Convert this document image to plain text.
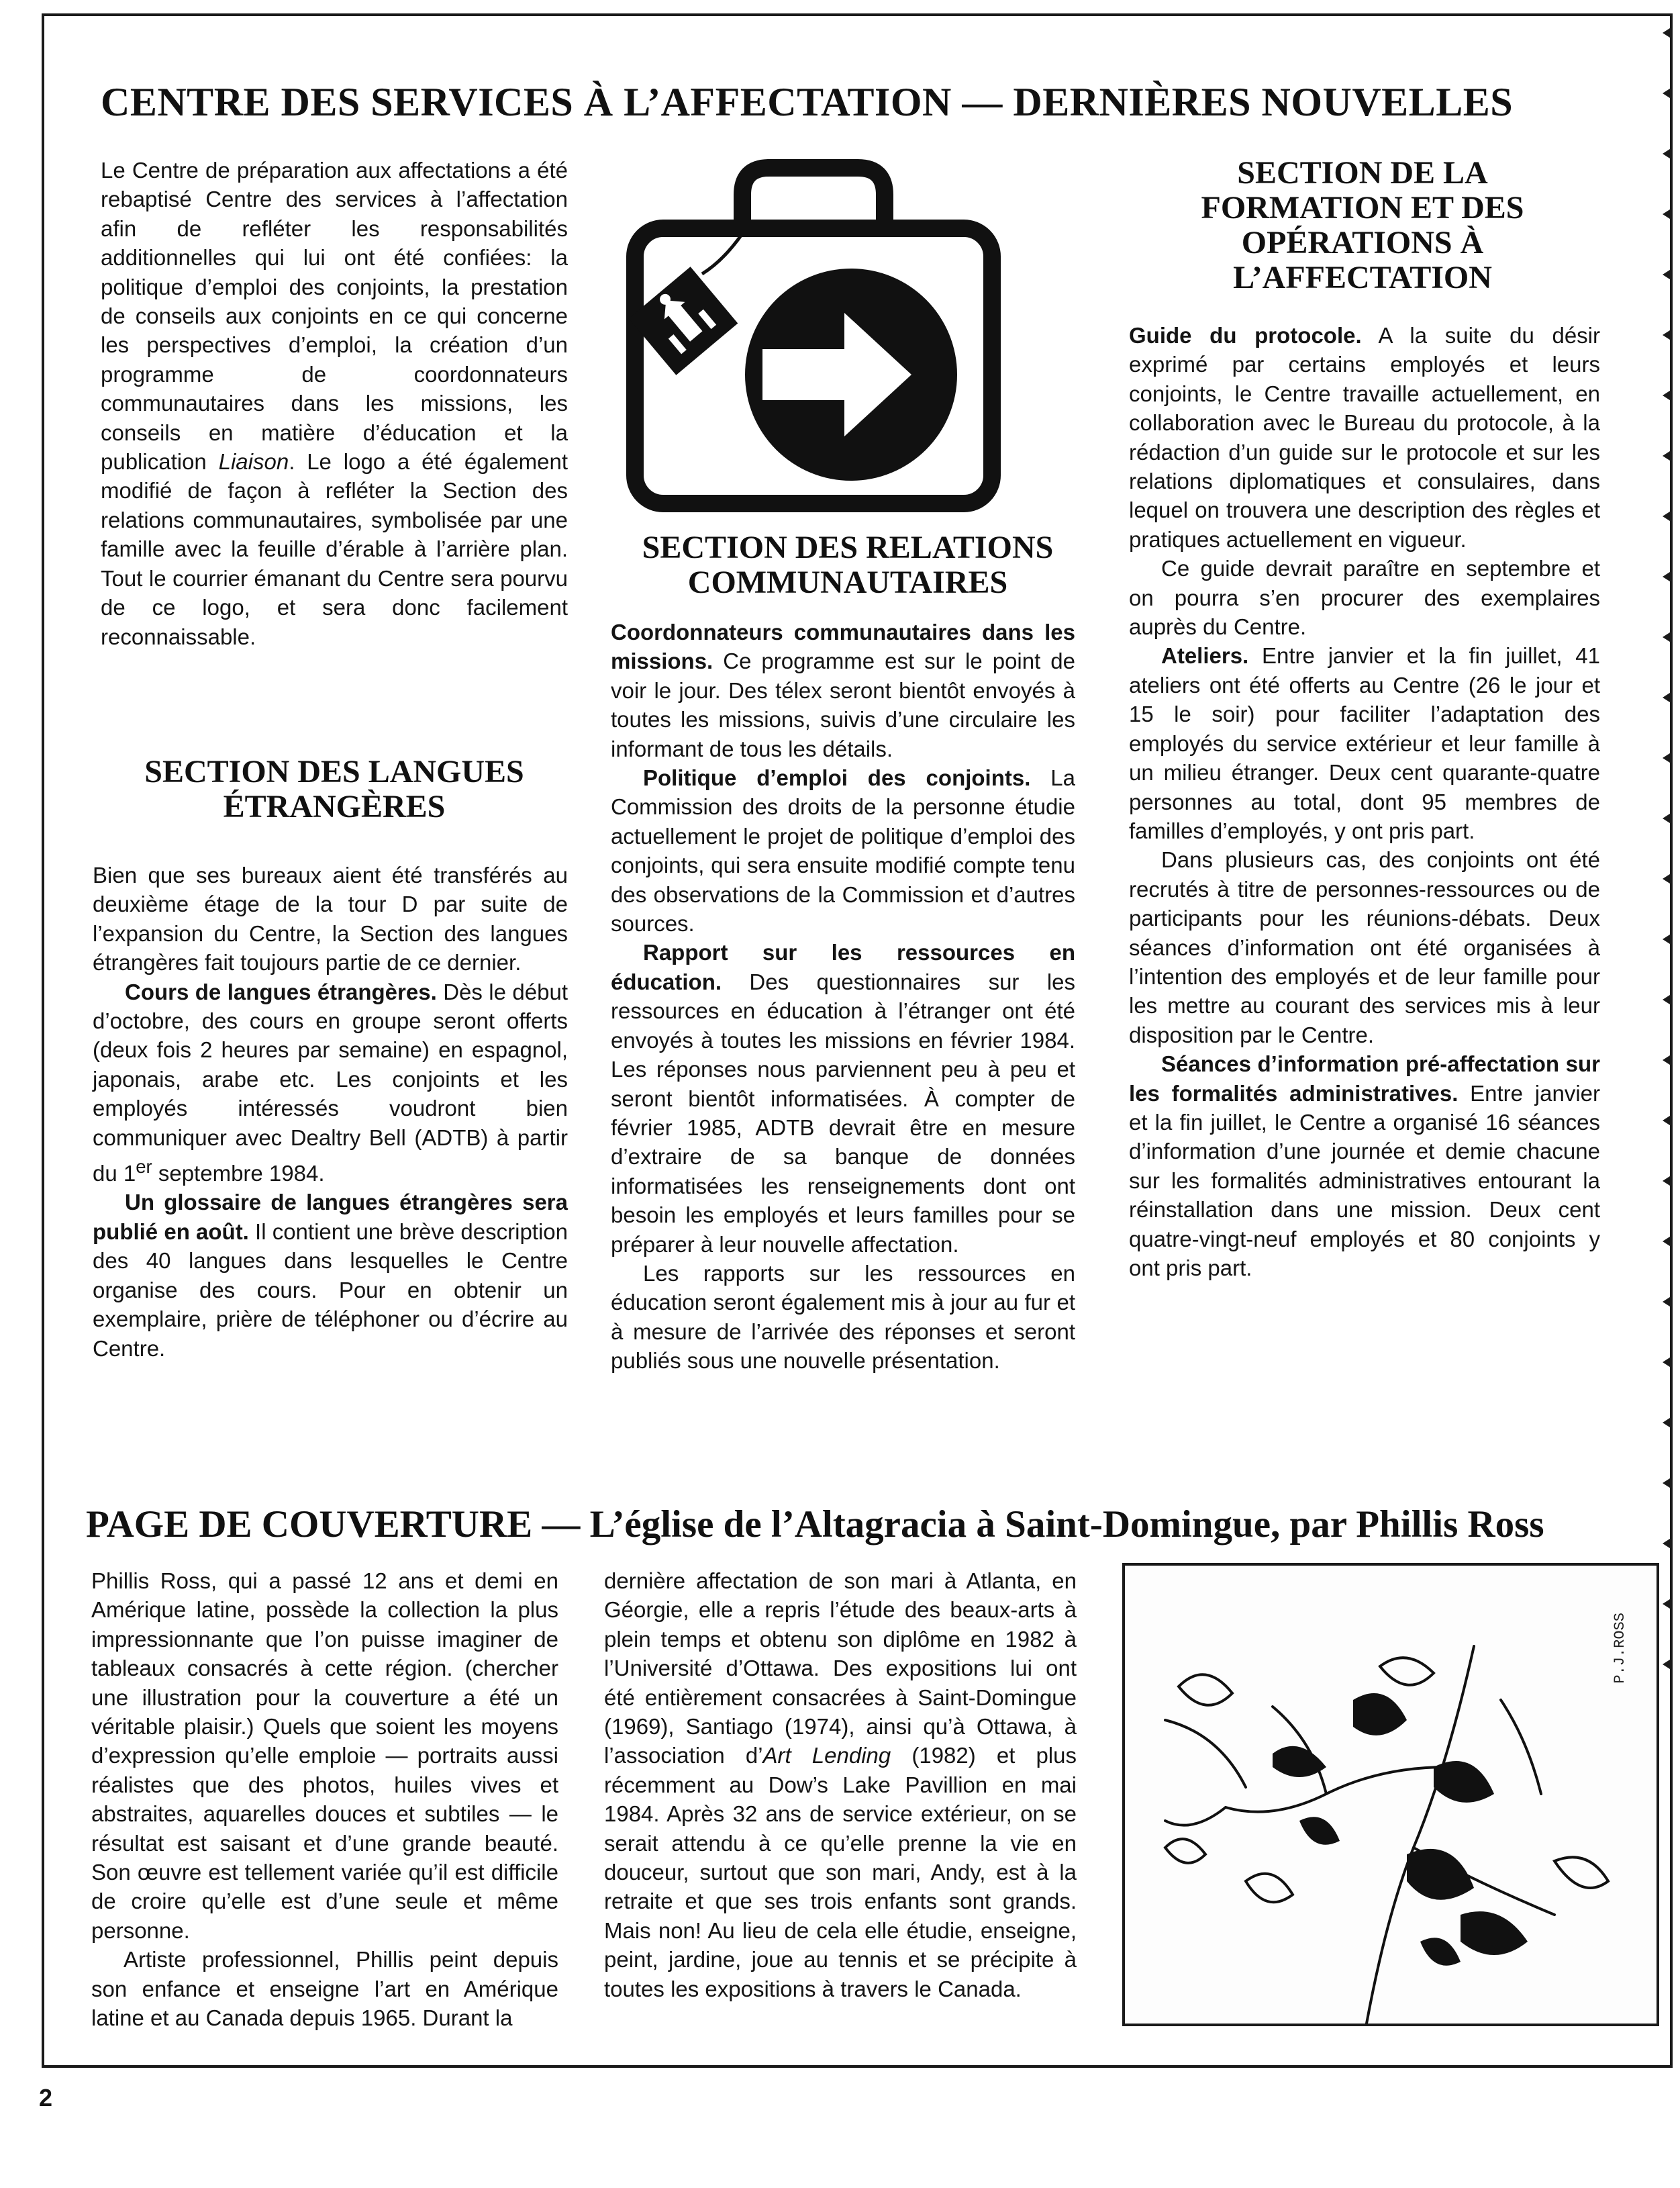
CENTRE DES SERVICES À L’AFFECTATION — DERNIÈRES NOUVELLES

Le Centre de préparation aux affectations a été rebaptisé Centre des services à l’affectation afin de refléter les responsabilités additionnelles qui lui ont été confiées: la politique d’emploi des conjoints, la prestation de conseils aux conjoints en ce qui concerne les perspectives d’emploi, la création d’un programme de coordonnateurs communautaires dans les missions, les conseils en matière d’éducation et la publication Liaison. Le logo a été également modifié de façon à refléter la Section des relations communautaires, symbolisée par une famille avec la feuille d’érable à l’arrière plan. Tout le courrier émanant du Centre sera pourvu de ce logo, et sera donc facilement reconnaissable.

SECTION DES LANGUES
ÉTRANGÈRES

Bien que ses bureaux aient été transférés au deuxième étage de la tour D par suite de l’expansion du Centre, la Section des langues étrangères fait toujours partie de ce dernier.

Cours de langues étrangères. Dès le début d’octobre, des cours en groupe seront offerts (deux fois 2 heures par semaine) en espagnol, japonais, arabe etc. Les conjoints et les employés intéressés voudront bien communiquer avec Dealtry Bell (ADTB) à partir du 1er septembre 1984.

Un glossaire de langues étrangères sera publié en août. Il contient une brève description des 40 langues dans lesquelles le Centre organise des cours. Pour en obtenir un exemplaire, prière de téléphoner ou d’écrire au Centre.

SECTION DES RELATIONS
COMMUNAUTAIRES

Coordonnateurs communautaires dans les missions. Ce programme est sur le point de voir le jour. Des télex seront bientôt envoyés à toutes les missions, suivis d’une circulaire les informant de tous les détails.

Politique d’emploi des conjoints. La Commission des droits de la personne étudie actuellement le projet de politique d’emploi des conjoints, qui sera ensuite modifié compte tenu des observations de la Commission et d’autres sources.

Rapport sur les ressources en éducation. Des questionnaires sur les ressources en éducation à l’étranger ont été envoyés à toutes les missions en février 1984. Les réponses nous parviennent peu à peu et seront bientôt informatisées. À compter de février 1985, ADTB devrait être en mesure d’extraire de sa banque de données informatisées les renseignements dont ont besoin les employés et leurs familles pour se préparer à leur nouvelle affectation.

Les rapports sur les ressources en éducation seront également mis à jour au fur et à mesure de l’arrivée des réponses et seront publiés sous une nouvelle présentation.

SECTION DE LA
FORMATION ET DES
OPÉRATIONS À
L’AFFECTATION

Guide du protocole. A la suite du désir exprimé par certains employés et leurs conjoints, le Centre travaille actuellement, en collaboration avec le Bureau du protocole, à la rédaction d’un guide sur le protocole et sur les relations diplomatiques et consulaires, dans lequel on trouvera une description des règles et pratiques actuellement en vigueur.

Ce guide devrait paraître en septembre et on pourra s’en procurer des exemplaires auprès du Centre.

Ateliers. Entre janvier et la fin juillet, 41 ateliers ont été offerts au Centre (26 le jour et 15 le soir) pour faciliter l’adaptation des employés du service extérieur et leur famille à un milieu étranger. Deux cent quarante-quatre personnes au total, dont 95 membres de familles d’employés, y ont pris part.

Dans plusieurs cas, des conjoints ont été recrutés à titre de personnes-ressources ou de participants pour les réunions-débats. Deux séances d’information ont été organisées à l’intention des employés et de leur famille pour les mettre au courant des services mis à leur disposition par le Centre.

Séances d’information pré-affectation sur les formalités administratives. Entre janvier et la fin juillet, le Centre a organisé 16 séances d’information d’une journée et demie chacune sur les formalités administratives entourant la réinstallation dans une mission. Deux cent quatre-vingt-neuf employés et 80 conjoints y ont pris part.

PAGE DE COUVERTURE — L’église de l’Altagracia à Saint-Domingue, par Phillis Ross

Phillis Ross, qui a passé 12 ans et demi en Amérique latine, possède la collection la plus impressionnante que l’on puisse imaginer de tableaux consacrés à cette région. (chercher une illustration pour la couverture a été un véritable plaisir.) Quels que soient les moyens d’expression qu’elle emploie — portraits aussi réalistes que des photos, huiles vives et abstraites, aquarelles douces et subtiles — le résultat est saisant et d’une grande beauté. Son œuvre est tellement variée qu’il est difficile de croire qu’elle est d’une seule et même personne.

Artiste professionnel, Phillis peint depuis son enfance et enseigne l’art en Amérique latine et au Canada depuis 1965. Durant la

dernière affectation de son mari à Atlanta, en Géorgie, elle a repris l’étude des beaux-arts à plein temps et obtenu son diplôme en 1982 à l’Université d’Ottawa. Des expositions lui ont été entièrement consacrées à Saint-Domingue (1969), Santiago (1974), ainsi qu’à Ottawa, à l’association d’Art Lending (1982) et plus récemment au Dow’s Lake Pavillion en mai 1984. Après 32 ans de service extérieur, on se serait attendu à ce qu’elle prenne la vie en douceur, surtout que son mari, Andy, est à la retraite et que ses trois enfants sont grands. Mais non! Au lieu de cela elle étudie, enseigne, peint, jardine, joue au tennis et se précipite à toutes les expositions à travers le Canada.

P.J.ROSS

2
